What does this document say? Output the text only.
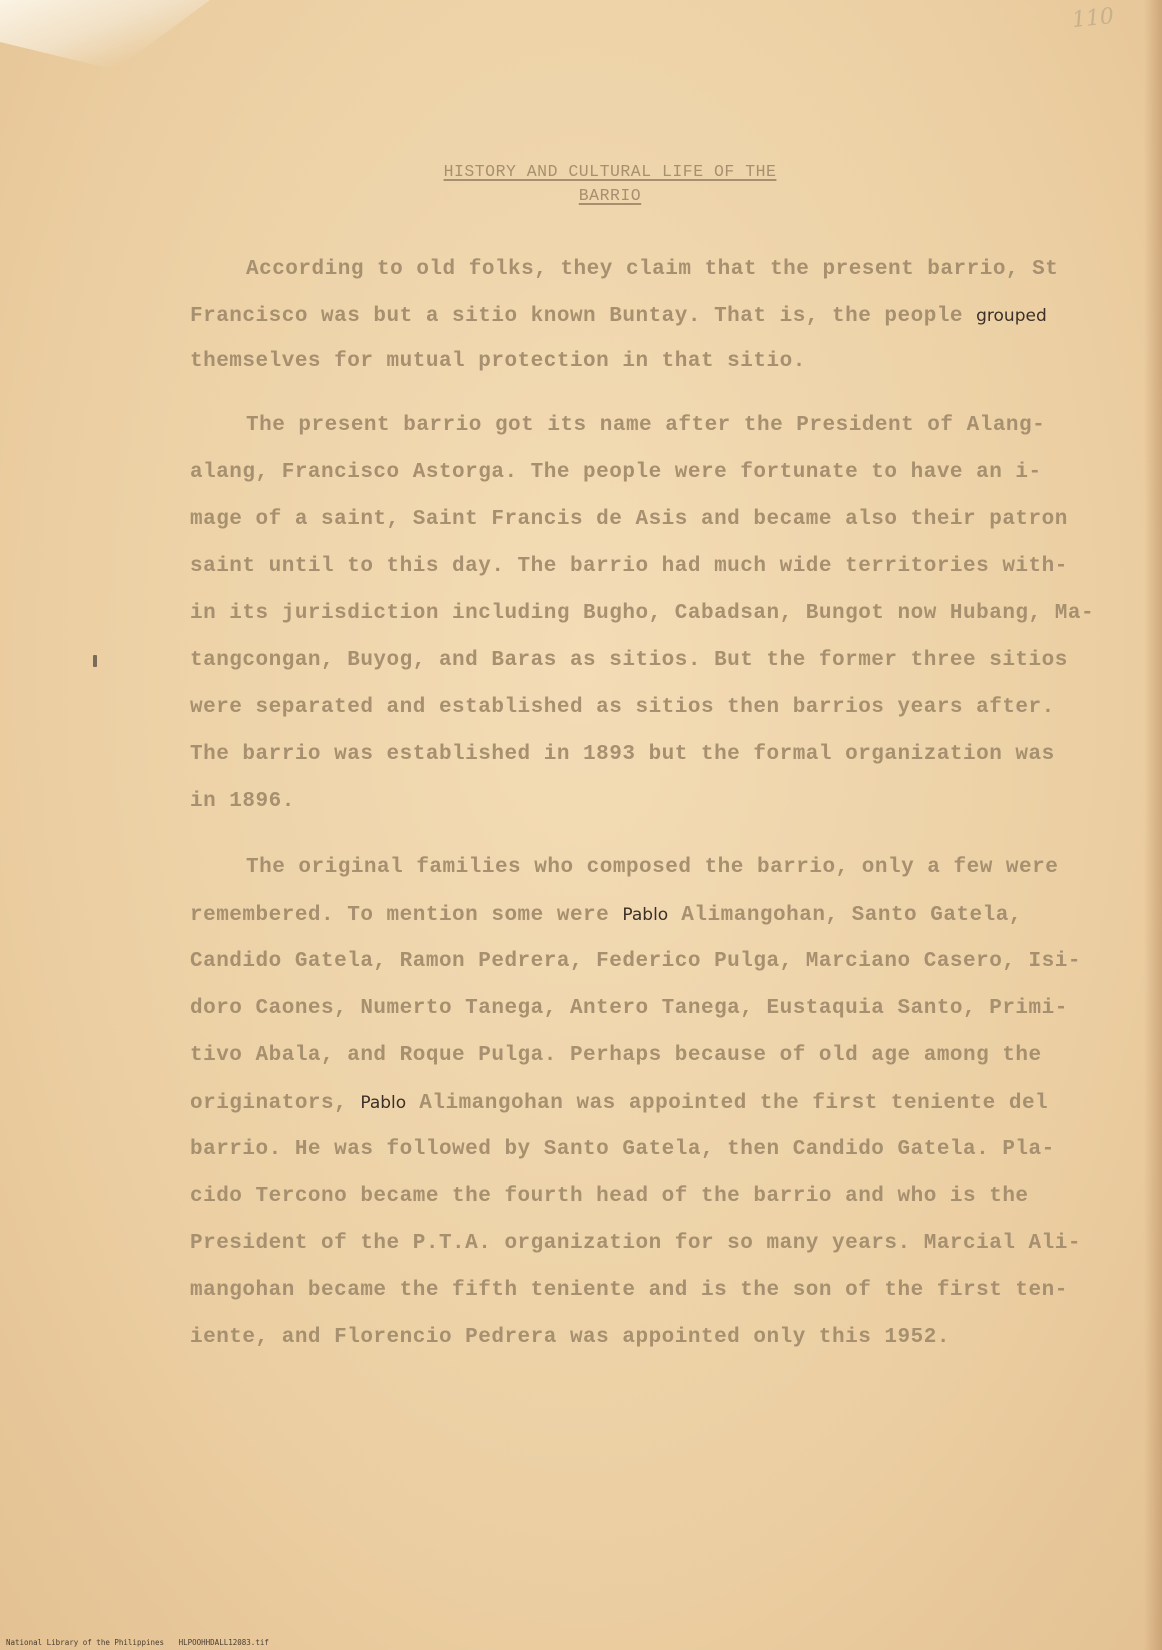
110
HISTORY AND CULTURAL LIFE OF THE
BARRIO
According to old folks, they claim that the present barrio, St
Francisco was but a sitio known Buntay. That is, the people grouped
themselves for mutual protection in that sitio.
The present barrio got its name after the President of Alang-
alang, Francisco Astorga. The people were fortunate to have an i-
mage of a saint, Saint Francis de Asis and became also their patron
saint until to this day. The barrio had much wide territories with-
in its jurisdiction including Bugho, Cabadsan, Bungot now Hubang, Ma-
tangcongan, Buyog, and Baras as sitios. But the former three sitios
were separated and established as sitios then barrios years after.
The barrio was established in 1893 but the formal organization was
in 1896.
The original families who composed the barrio, only a few were
remembered. To mention some were Pablo Alimangohan, Santo Gatela,
Candido Gatela, Ramon Pedrera, Federico Pulga, Marciano Casero, Isi-
doro Caones, Numerto Tanega, Antero Tanega, Eustaquia Santo, Primi-
tivo Abala, and Roque Pulga. Perhaps because of old age among the
originators, Pablo Alimangohan was appointed the first teniente del
barrio. He was followed by Santo Gatela, then Candido Gatela. Pla-
cido Tercono became the fourth head of the barrio and who is the
President of the P.T.A. organization for so many years. Marcial Ali-
mangohan became the fifth teniente and is the son of the first ten-
iente, and Florencio Pedrera was appointed only this 1952.
National Library of the Philippines HLPOOHHDALL12083.tif
